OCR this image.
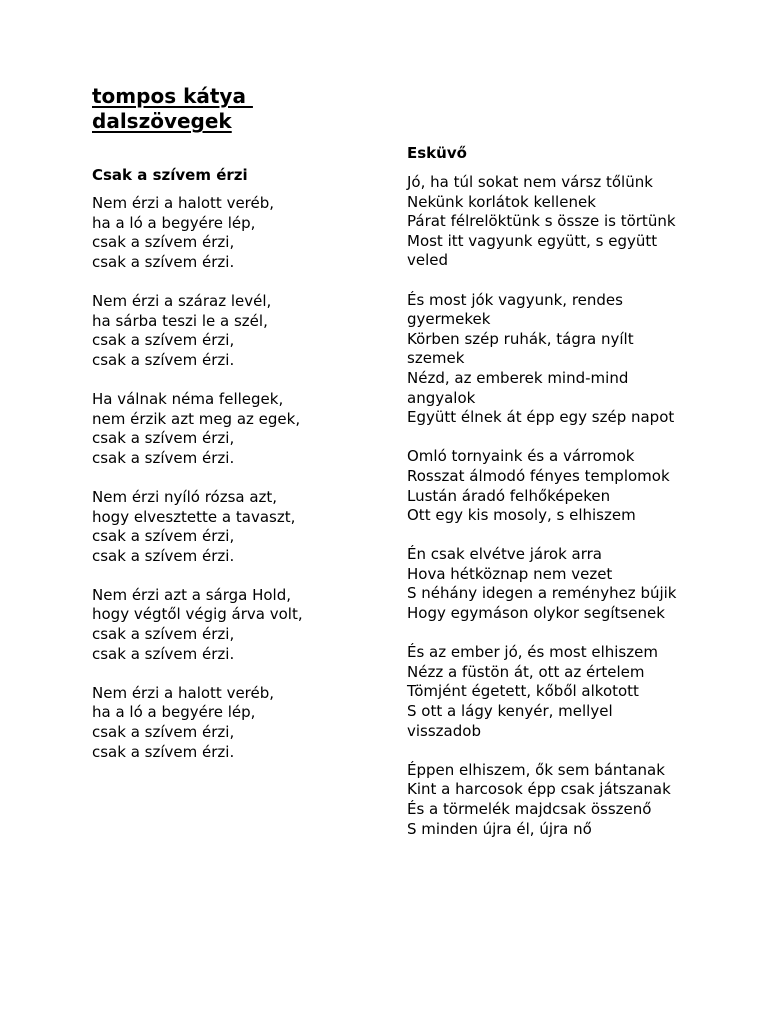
tompos kátya
dalszövegek
Csak a szívem érzi

Nem érzi a halott veréb,
ha a ló a begyére lép,
csak a szívem érzi,
csak a szívem érzi.

Nem érzi a száraz levél,
ha sárba teszi le a szél,
csak a szívem érzi,
csak a szívem érzi.

Ha válnak néma fellegek,
nem érzik azt meg az egek,
csak a szívem érzi,
csak a szívem érzi.

Nem érzi nyíló rózsa azt,
hogy elvesztette a tavaszt,
csak a szívem érzi,
csak a szívem érzi.

Nem érzi azt a sárga Hold,
hogy végtől végig árva volt,
csak a szívem érzi,
csak a szívem érzi.

Nem érzi a halott veréb,
ha a ló a begyére lép,
csak a szívem érzi,
csak a szívem érzi.

Esküvő

Jó, ha túl sokat nem vársz tőlünk
Nekünk korlátok kellenek
Párat félrelöktünk s össze is törtünk
Most itt vagyunk együtt, s együtt veled

És most jók vagyunk, rendes gyermekek
Körben szép ruhák, tágra nyílt szemek
Nézd, az emberek mind-mind angyalok
Együtt élnek át épp egy szép napot

Omló tornyaink és a várromok
Rosszat álmodó fényes templomok
Lustán áradó felhőképeken
Ott egy kis mosoly, s elhiszem

Én csak elvétve járok arra
Hova hétköznap nem vezet
S néhány idegen a reményhez bújik
Hogy egymáson olykor segítsenek

És az ember jó, és most elhiszem
Nézz a füstön át, ott az értelem
Tömjént égetett, kőből alkotott
S ott a lágy kenyér, mellyel visszadob

Éppen elhiszem, ők sem bántanak
Kint a harcosok épp csak játszanak
És a törmelék majdcsak összenő
S minden újra él, újra nő
